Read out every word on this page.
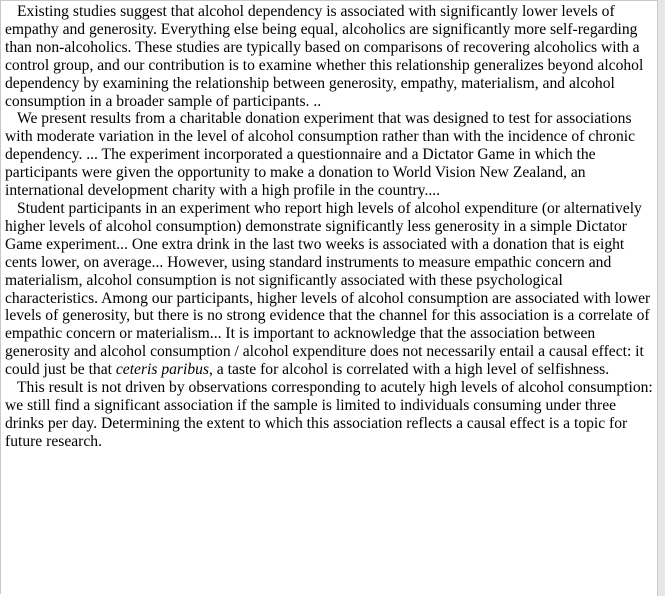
Existing studies suggest that alcohol dependency is associated with significantly lower levels of empathy and generosity. Everything else being equal, alcoholics are significantly more self-regarding than non-alcoholics. These studies are typically based on comparisons of recovering alcoholics with a control group, and our contribution is to examine whether this relationship generalizes beyond alcohol dependency by examining the relationship between generosity, empathy, materialism, and alcohol consumption in a broader sample of participants. ..

We present results from a charitable donation experiment that was designed to test for associations with moderate variation in the level of alcohol consumption rather than with the incidence of chronic dependency. ... The experiment incorporated a questionnaire and a Dictator Game in which the participants were given the opportunity to make a donation to World Vision New Zealand, an international development charity with a high profile in the country....

Student participants in an experiment who report high levels of alcohol expenditure (or alternatively higher levels of alcohol consumption) demonstrate significantly less generosity in a simple Dictator Game experiment... One extra drink in the last two weeks is associated with a donation that is eight cents lower, on average... However, using standard instruments to measure empathic concern and materialism, alcohol consumption is not significantly associated with these psychological characteristics. Among our participants, higher levels of alcohol consumption are associated with lower levels of generosity, but there is no strong evidence that the channel for this association is a correlate of empathic concern or materialism... It is important to acknowledge that the association between generosity and alcohol consumption / alcohol expenditure does not necessarily entail a causal effect: it could just be that ceteris paribus, a taste for alcohol is correlated with a high level of selfishness.

This result is not driven by observations corresponding to acutely high levels of alcohol consumption: we still find a significant association if the sample is limited to individuals consuming under three drinks per day. Determining the extent to which this association reflects a causal effect is a topic for future research.
